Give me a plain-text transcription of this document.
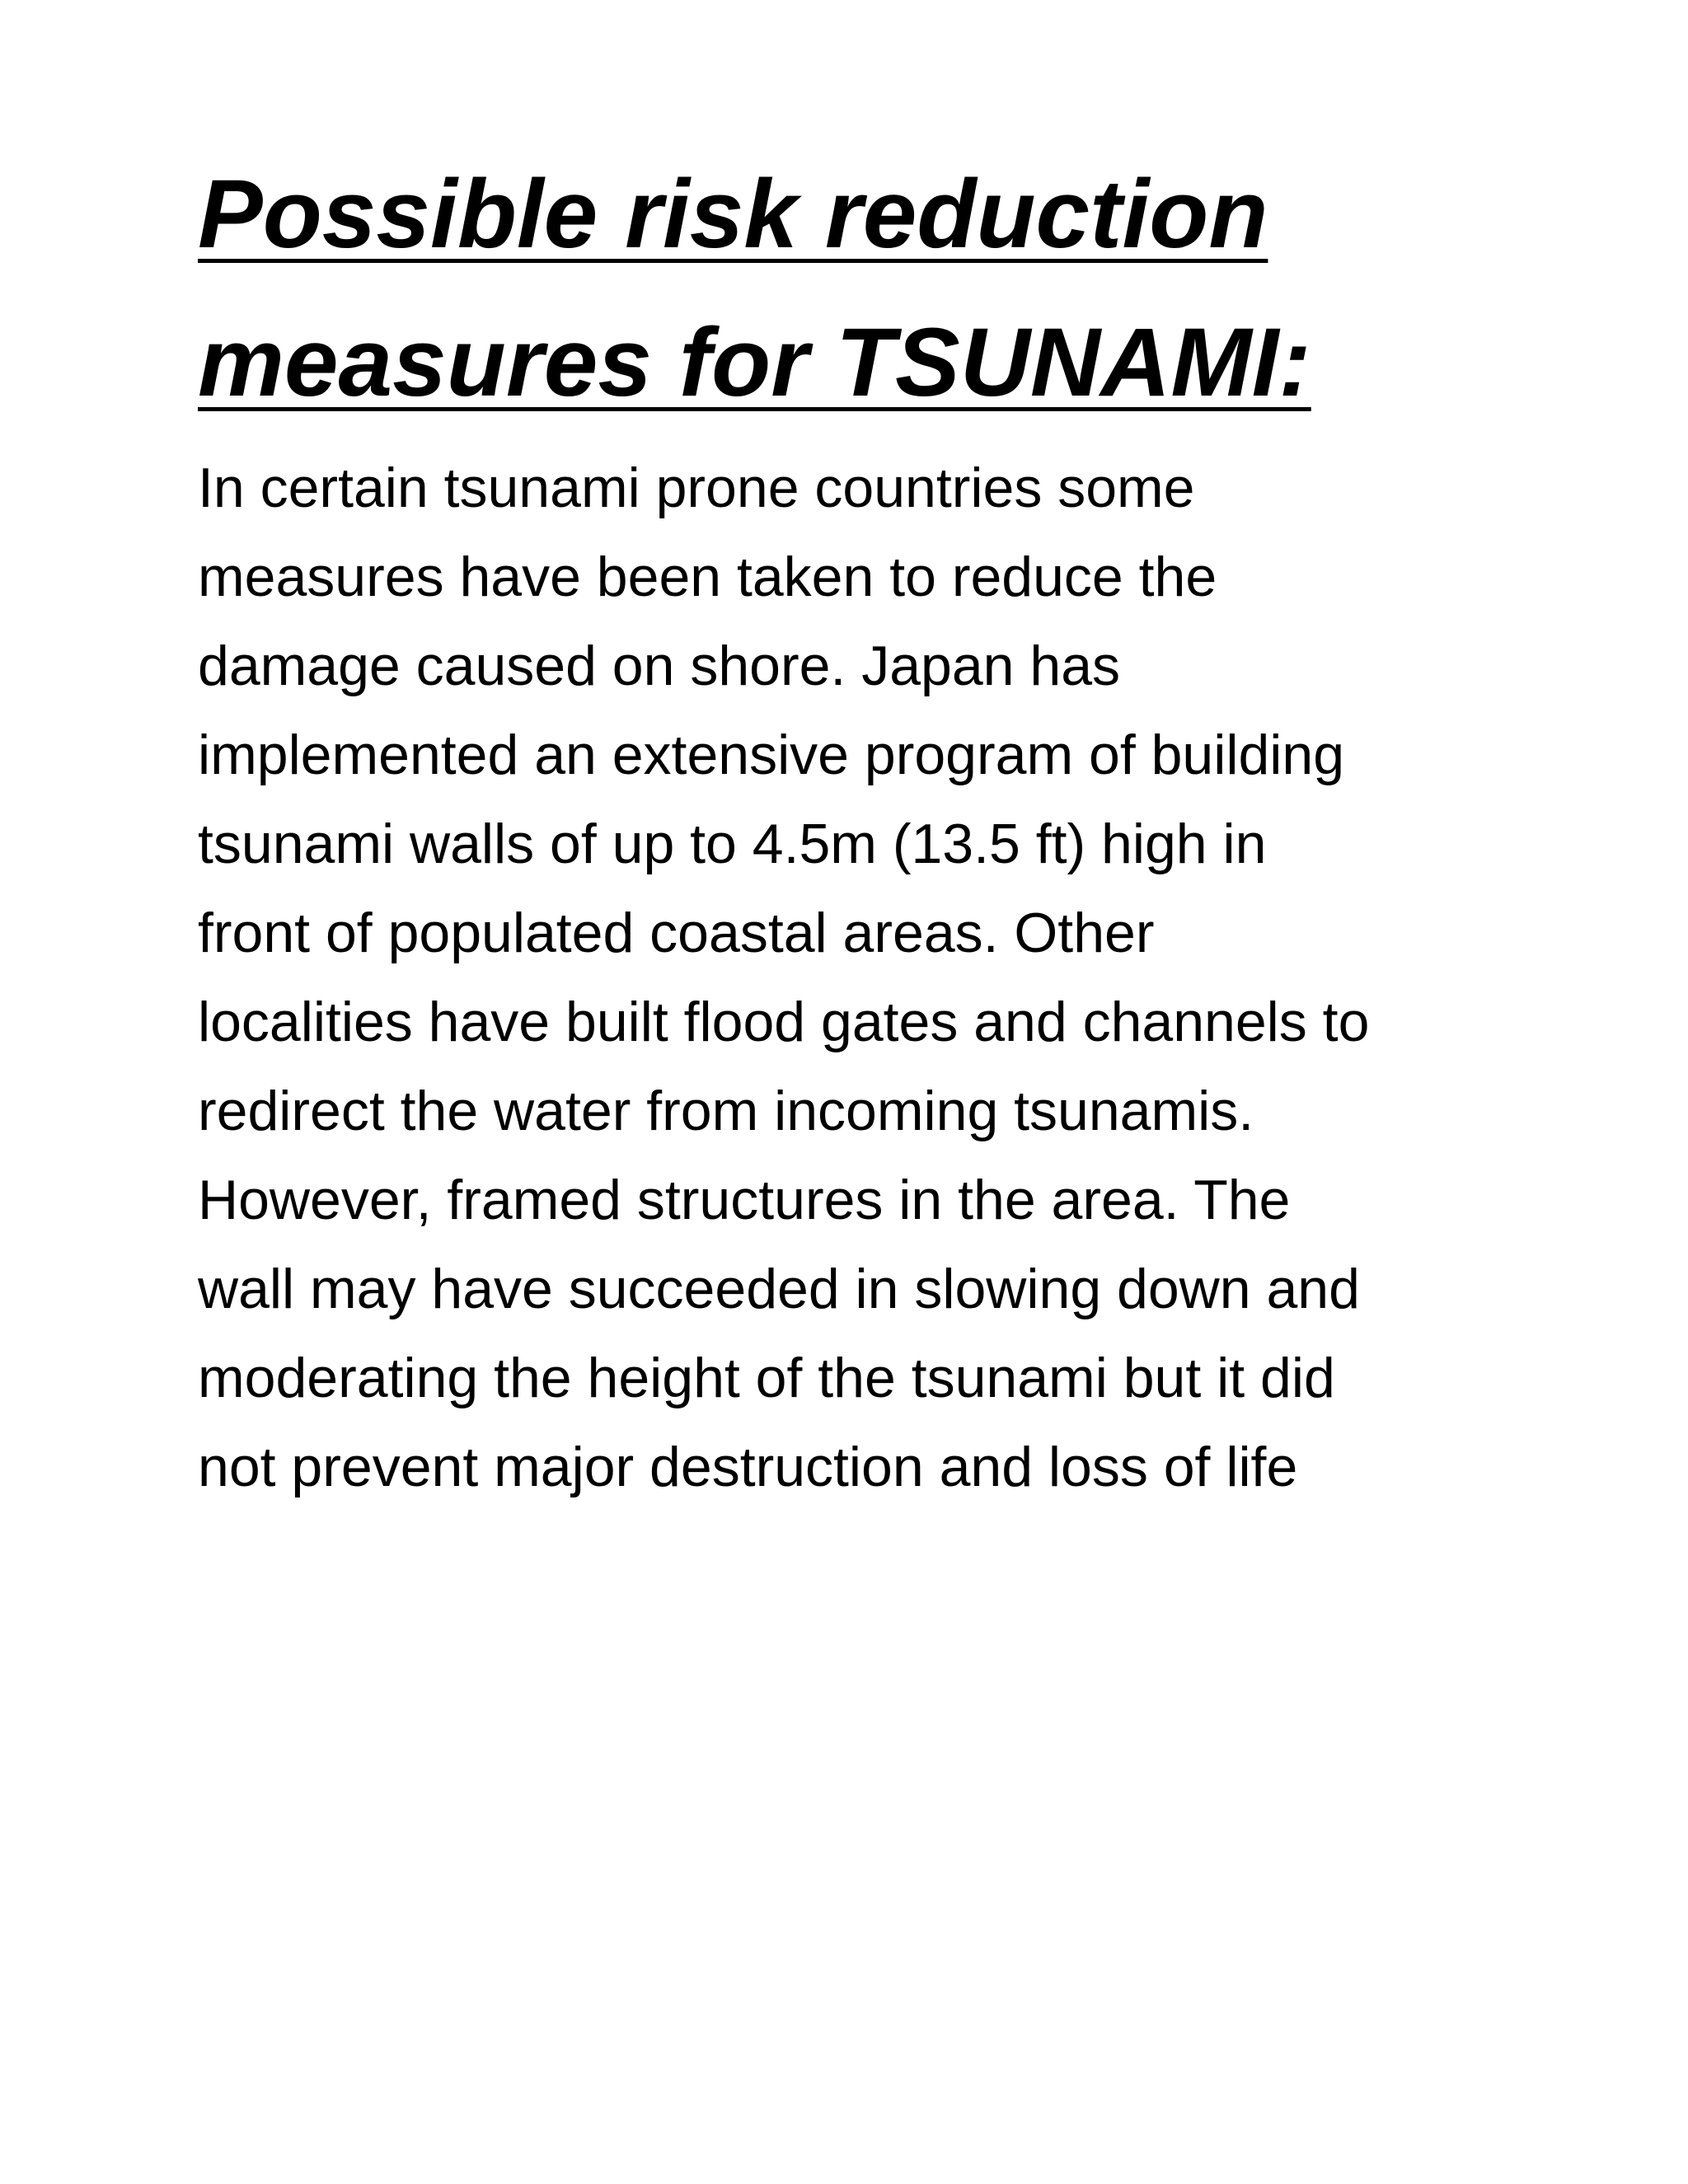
Possible risk reduction
measures for TSUNAMI:
In certain tsunami prone countries some
measures have been taken to reduce the
damage caused on shore. Japan has
implemented an extensive program of building
tsunami walls of up to 4.5m (13.5 ft) high in
front of populated coastal areas. Other
localities have built flood gates and channels to
redirect the water from incoming tsunamis.
However, framed structures in the area. The
wall may have succeeded in slowing down and
moderating the height of the tsunami but it did
not prevent major destruction and loss of life
